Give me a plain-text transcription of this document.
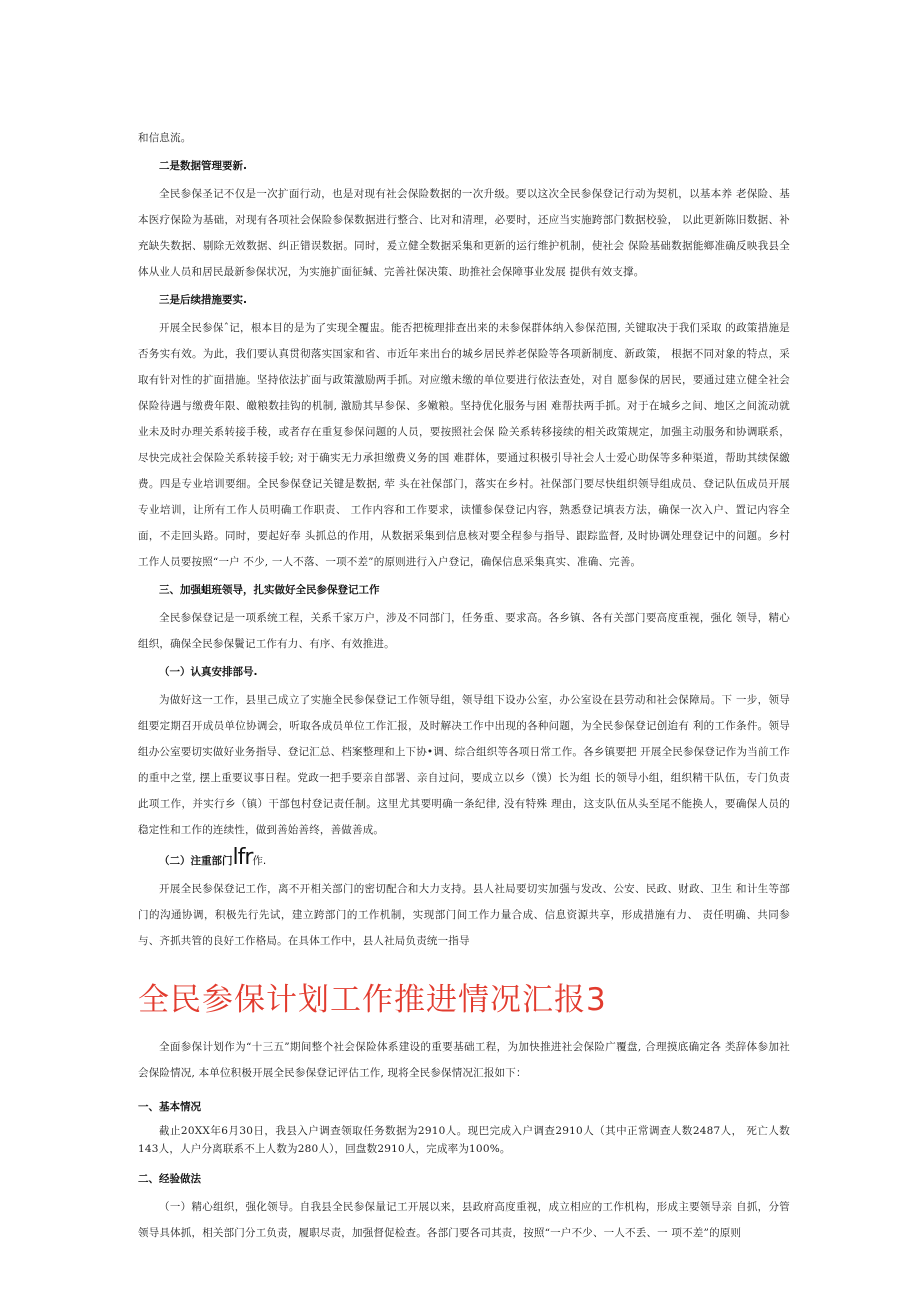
和信息流。

二是数据管理要新.

全民参保圣记不仅是一次扩面行动，也是对现有社会保险数据的一次升级。要以这次全民参保登记行动为契机，以基本养 老保险、基本医疗保险为基础，对现有各项社会保险参保数据进行整合、比对和清理，必要时，还应当实施跨部门数据校验， 以此更新陈旧数据、补充缺失数据、剔除无效数据、纠正错误数据。同时，爰立健全数据采集和更新的运行维护机制，使社会 保险基础数据能鄉准确反映我县全体从业人员和居民最新参保状况，为实施扩面征缄、完善社保决策、助推社会保障事业发展 提供有效支撑。

三是后续措施要实.

开展全民参保ˆ记，根本目的是为了实现全覆盅。能否把梳理排查出来的未参保群体纳入参保范围, 关键取决于我们采取 的政策措施是否务实有效。为此，我们要认真贯彻落实国家和省、市近年来出台的城乡居民养老保险等各项新制度、新政策， 根据不同对象的特点，采取有针对性的扩面措施。坚持依法扩面与政策激励两手抓。对应缴未缴的单位要进行依法查处，对自 愿参保的居民，要通过建立健全社会保险待遇与缴费年限、皦粮数挂钩的机制, 激励其早参保、多嫩粮。坚持优化服务与困 难帮扶两手抓。对于在城乡之间、地区之间流动就业未及时办理关系转接手稜，或者存在重复参保问题的人员，要按照社会保 险关系转移接续的相关政策规定，加强主动服务和协调联系，尽快完成社会保险关系转接手较; 对于确实无力承担缴费义务的国 难群体，要通过积极引导社会人士爱心助保等多种渠道，帮助其续保繳费。四是专业培训要细。全民参保登记关键是数据, 荦 头在社保部门，落实在乡村。社保部门要尽快组织领导组成员、登记队伍成员开展专业培训，让所有工作人员明确工作职责、 工作内容和工作要求，读懂参保登记内容，熟悉登记填表方法，确保一次入户、置记内容全面，不走回头路。同时，要起好奉 头抓总的作用，从数据采集到信息核对要全程参与指导、跟踪监督, 及时协调处理登记中的问题。乡村工作人员要按照“一户 不少, 一人不落、一项不差”的原则进行入户登记，确保信息采集真实、准确、完善。

三、加强蛆班领导，扎实做好全民参保登记工作

全民参保登记是一项系统工程，关系千家万户，涉及不同部门，任务重、要求高。各乡镇、各有关部门要高度重视，强化 领导，精心组织，确保全民参保鬢记工作有力、有序、有效推进。

（一）认真安排部号.

为做好这一工作，县里己成立了实施全民参保登记工作领导组，领导组下设办公室，办公室设在县劳动和社会保障局。下 一步，领导组要定期召开成员单位协调会，听取各成员单位工作汇报，及时解决工作中出现的各种问题，为全民参保登记创迨有 利的工作条件。领导组办公室要切实做好业务指导、登记汇总、档案整理和上下协•调、综合组织等各项日常工作。各乡镇要把 开展全民参保登记作为当前工作的重中之堂, 摆上重要议事日程。党政一把手要亲自部署、亲自过问，要成立以乡（馍）长为组 长的领导小组，组织精干队伍，专门负责此项工作，并实行乡（镇）干部包村登记责任制。这里尤其要明确一条纪律, 没有特殊 理由，这支队伍从头至尾不能换人，要确保人员的稳定性和工作的连续性，做到善始善终，善做善成。

（二）注重部门lfr作.

开展全民参保登记工作，离不开相关部门的密切配合和大力支持。县人社局要切实加强与发改、公安、民政、财政、卫生 和计生等部门的沟通协调，积极先行先试，建立跨部门的工作机制，实现部门间工作力量合成、信息资源共享，形成措施有力、 责任明确、共同参与、齐抓共管的良好工作格局。在具体工作中，县人社局负责统一指导

全民参保计划工作推进情况汇报3

全面参保计划作为“十三五”期间整个社会保险体系建设的重要基础工程，为加快推进社会保险广覆盘, 合理摸底确定各 类辞体参加社会保险情况, 本单位积极开展全民参保登记评估工作, 现将全民参保情况汇报如下：

一、基本情况

截止20XX年6月30日，我县入户调查领取任务数据为2910人。现巴完成入户调查2910人（其中正常调查人数2487人， 死亡人数143人，人户分离联系不上人数为280人），回盘数2910人，完成率为100%。

二、经验做法

（一）精心组织，强化领导。自我县全民参保量记工开展以来，县政府高度重视，成立相应的工作机构，形成主要领导亲 自抓，分管领导具体抓，相关部门分工负责，履职尽责，加强督促检查。各部门要各司其责，按照“一户不少、一人不丢、一 项不差”的原则
